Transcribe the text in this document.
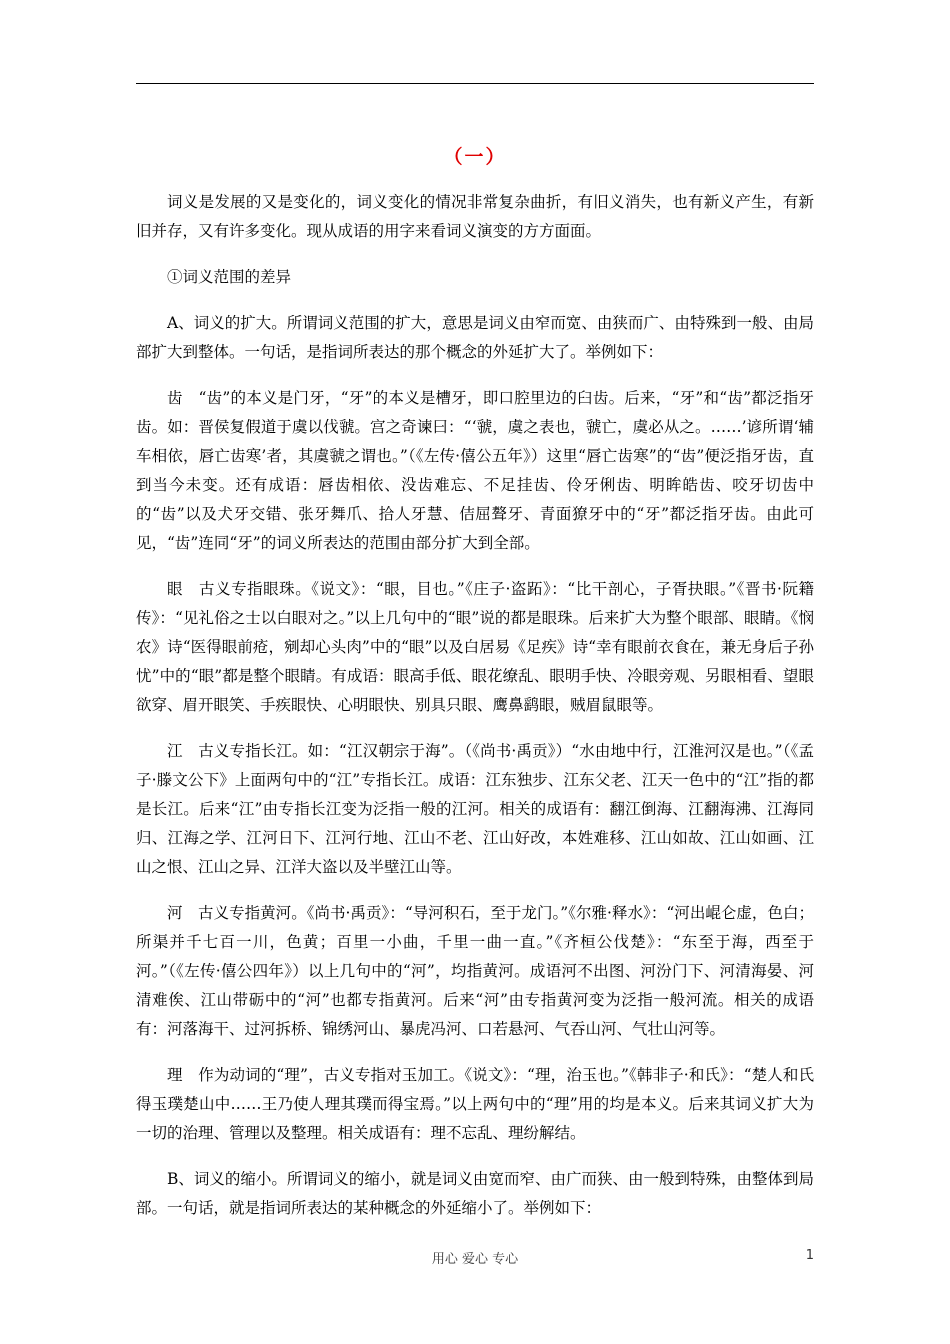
（一）

词义是发展的又是变化的，词义变化的情况非常复杂曲折，有旧义消失，也有新义产生，有新旧并存，又有许多变化。现从成语的用字来看词义演变的方方面面。

①词义范围的差异

A、词义的扩大。所谓词义范围的扩大，意思是词义由窄而宽、由狭而广、由特殊到一般、由局部扩大到整体。一句话，是指词所表达的那个概念的外延扩大了。举例如下：

齿　“齿”的本义是门牙，“牙”的本义是槽牙，即口腔里边的臼齿。后来，“牙”和“齿”都泛指牙齿。如：晋侯复假道于虞以伐虢。宫之奇谏曰：“‘虢，虞之表也，虢亡，虞必从之。……’谚所谓‘辅车相依，唇亡齿寒’者，其虞虢之谓也。”（《左传·僖公五年》）这里“唇亡齿寒”的“齿”便泛指牙齿，直到当今未变。还有成语：唇齿相依、没齿难忘、不足挂齿、伶牙俐齿、明眸皓齿、咬牙切齿中的“齿”以及犬牙交错、张牙舞爪、拾人牙慧、佶屈聱牙、青面獠牙中的“牙”都泛指牙齿。由此可见，“齿”连同“牙”的词义所表达的范围由部分扩大到全部。

眼　古义专指眼珠。《说文》：“眼，目也。”《庄子·盗跖》：“比干剖心，子胥抉眼。”《晋书·阮籍传》：“见礼俗之士以白眼对之。”以上几句中的“眼”说的都是眼珠。后来扩大为整个眼部、眼睛。《悯农》诗“医得眼前疮，剜却心头肉”中的“眼”以及白居易《足疾》诗“幸有眼前衣食在，兼无身后子孙忧”中的“眼”都是整个眼睛。有成语：眼高手低、眼花缭乱、眼明手快、冷眼旁观、另眼相看、望眼欲穿、眉开眼笑、手疾眼快、心明眼快、别具只眼、鹰鼻鹞眼，贼眉鼠眼等。

江　古义专指长江。如：“江汉朝宗于海”。（《尚书·禹贡》）“水由地中行，江淮河汉是也。”（《孟子·滕文公下》上面两句中的“江”专指长江。成语：江东独步、江东父老、江天一色中的“江”指的都是长江。后来“江”由专指长江变为泛指一般的江河。相关的成语有：翻江倒海、江翻海沸、江海同归、江海之学、江河日下、江河行地、江山不老、江山好改，本姓难移、江山如故、江山如画、江山之恨、江山之异、江洋大盗以及半壁江山等。

河　古义专指黄河。《尚书·禹贡》：“导河积石，至于龙门。”《尔雅·释水》：“河出崐仑虚，色白；所渠并千七百一川，色黄；百里一小曲，千里一曲一直。”《齐桓公伐楚》：“东至于海，西至于河。”（《左传·僖公四年》）以上几句中的“河”，均指黄河。成语河不出图、河汾门下、河清海晏、河清难俟、江山带砺中的“河”也都专指黄河。后来“河”由专指黄河变为泛指一般河流。相关的成语有：河落海干、过河拆桥、锦绣河山、暴虎冯河、口若悬河、气吞山河、气壮山河等。

理　作为动词的“理”，古义专指对玉加工。《说文》：“理，治玉也。”《韩非子·和氏》：“楚人和氏得玉璞楚山中……王乃使人理其璞而得宝焉。”以上两句中的“理”用的均是本义。后来其词义扩大为一切的治理、管理以及整理。相关成语有：理不忘乱、理纷解结。

B、词义的缩小。所谓词义的缩小，就是词义由宽而窄、由广而狭、由一般到特殊，由整体到局部。一句话，就是指词所表达的某种概念的外延缩小了。举例如下：

用心 爱心 专心	1
